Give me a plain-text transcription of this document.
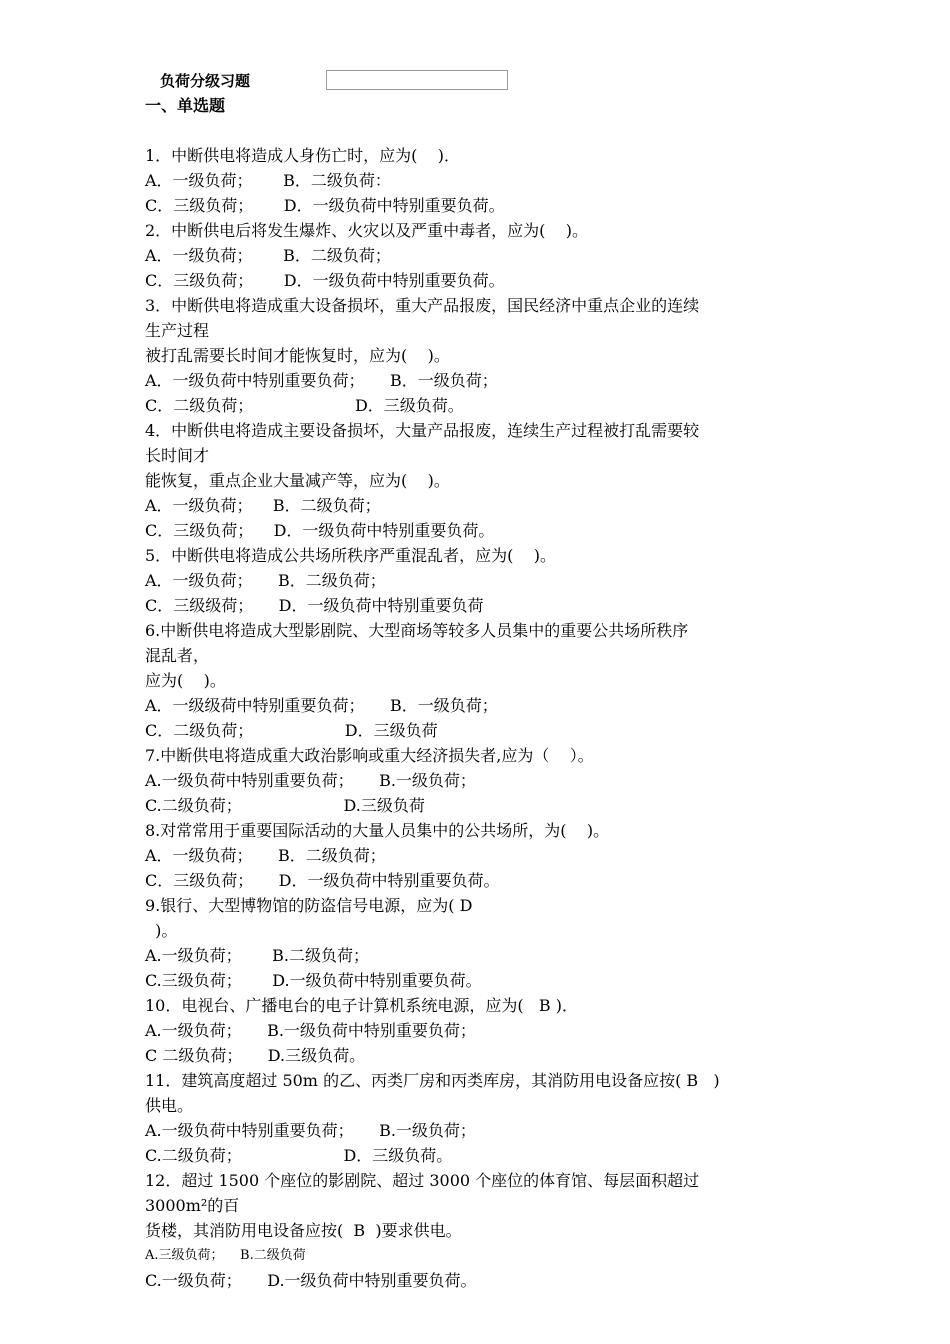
负荷分级习题
一、单选题
1．中断供电将造成人身伤亡时，应为(    )．
A．一级负荷；      B．二级负荷：
C．三级负荷；      D．一级负荷中特别重要负荷。
2．中断供电后将发生爆炸、火灾以及严重中毒者，应为(    )。
A．一级负荷；      B．二级负荷；
C．三级负荷；      D．一级负荷中特别重要负荷。
3．中断供电将造成重大设备损坏，重大产品报废，国民经济中重点企业的连续
生产过程
被打乱需要长时间才能恢复时，应为(    )。
A．一级负荷中特别重要负荷；     B．一级负荷；
C．二级负荷；                    D．三级负荷。
4．中断供电将造成主要设备损坏，大量产品报废，连续生产过程被打乱需要较
长时间才
能恢复，重点企业大量减产等，应为(    )。
A．一级负荷；    B．二级负荷；
C．三级负荷；    D．一级负荷中特别重要负荷。
5．中断供电将造成公共场所秩序严重混乱者，应为(    )。
A．一级负荷；     B．二级负荷；
C．三级级荷；     D．一级负荷中特别重要负荷
6.中断供电将造成大型影剧院、大型商场等较多人员集中的重要公共场所秩序
混乱者，
应为(    )。
A．一级级荷中特别重要负荷；     B．一级负荷；
C．二级负荷；                  D．三级负荷
7.中断供电将造成重大政治影响或重大经济损失者,应为（    ）。
A.一级负荷中特别重要负荷；     B.一级负荷；
C.二级负荷；                    D.三级负荷
8.对常常用于重要国际活动的大量人员集中的公共场所，为(    )。
A．一级负荷；     B．二级负荷；
C．三级负荷；     D．一级负荷中特别重要负荷。
9.银行、大型博物馆的防盗信号电源，应为( D
)。
A.一级负荷；      B.二级负荷；
C.三级负荷；      D.一级负荷中特别重要负荷。
10．电视台、广播电台的电子计算机系统电源，应为(   B )．
A.一级负荷；     B.一级负荷中特别重要负荷；
C 二级负荷；     D.三级负荷。
11．建筑高度超过 50m 的乙、丙类厂房和丙类库房，其消防用电设备应按( B   )
供电。
A.一级负荷中特别重要负荷；     B.一级负荷；
C.二级负荷；                    D．三级负荷。
12．超过 1500 个座位的影剧院、超过 3000 个座位的体育馆、每层面积超过
3000m²的百
货楼，其消防用电设备应按(  B  )要求供电。
A.三级负荷；    B.二级负荷
C.一级负荷；     D.一级负荷中特别重要负荷。
